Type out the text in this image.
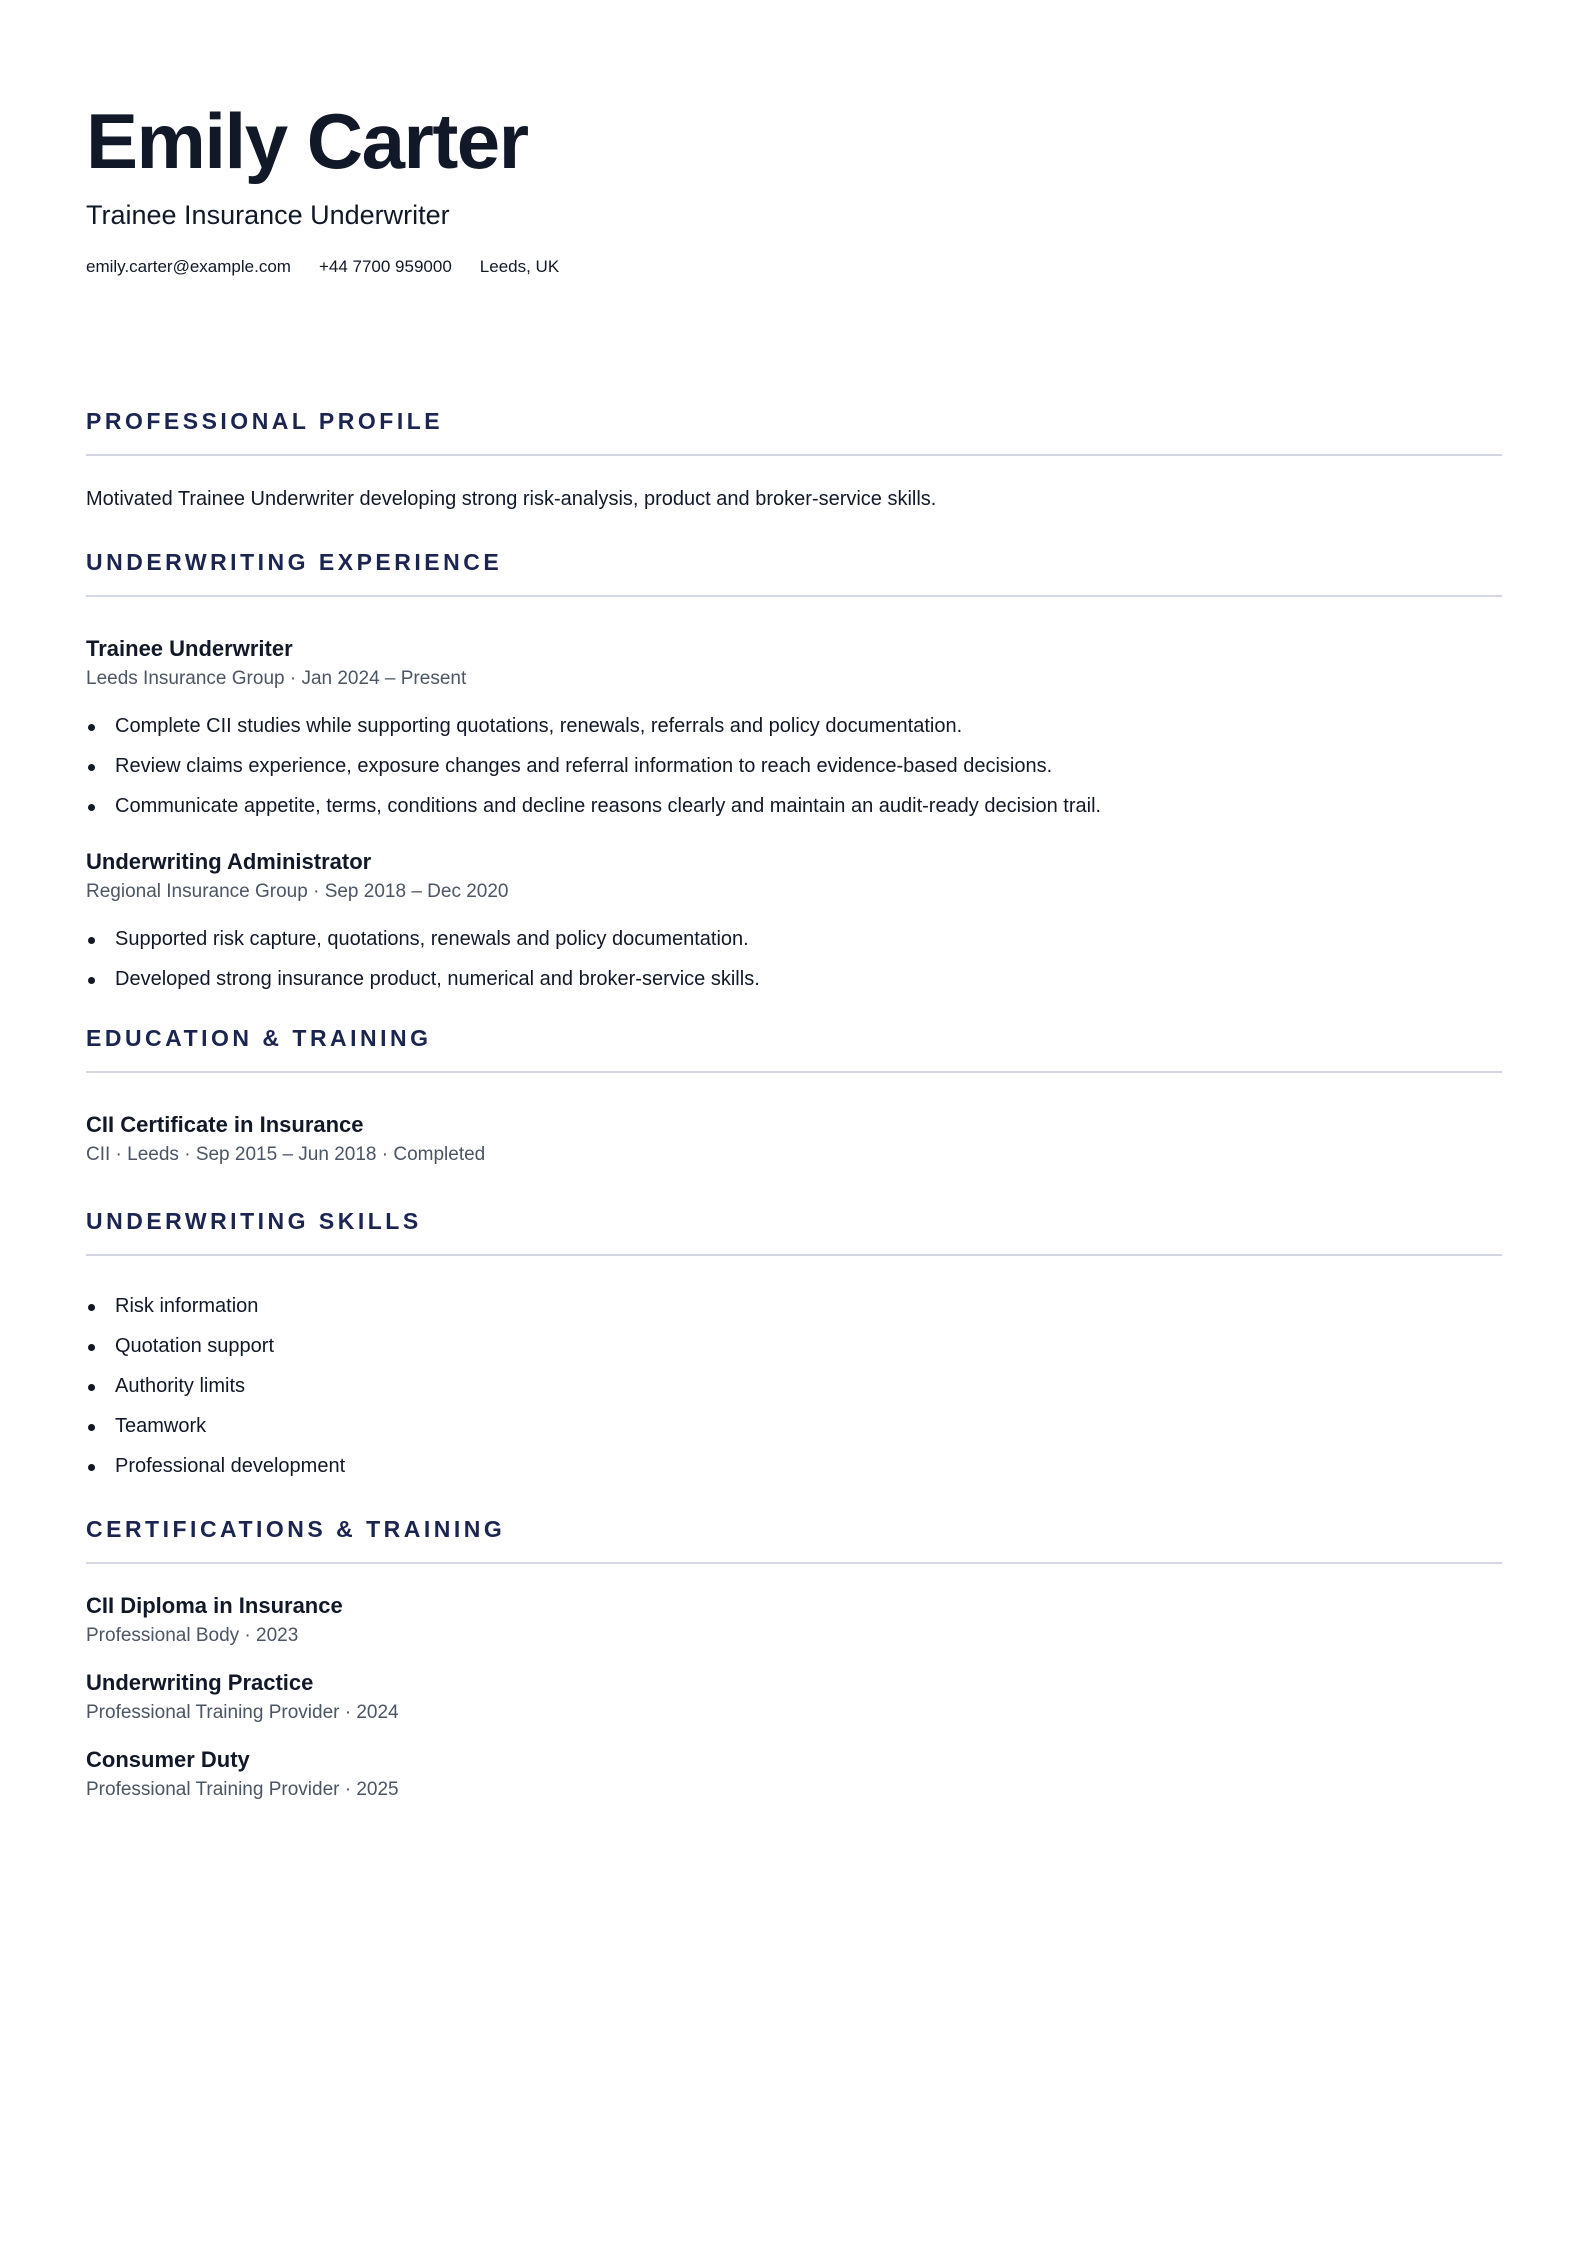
Emily Carter
Trainee Insurance Underwriter
emily.carter@example.com +44 7700 959000 Leeds, UK
PROFESSIONAL PROFILE
Motivated Trainee Underwriter developing strong risk-analysis, product and broker-service skills.
UNDERWRITING EXPERIENCE
Trainee Underwriter
Leeds Insurance Group · Jan 2024 – Present
Complete CII studies while supporting quotations, renewals, referrals and policy documentation.
Review claims experience, exposure changes and referral information to reach evidence-based decisions.
Communicate appetite, terms, conditions and decline reasons clearly and maintain an audit-ready decision trail.
Underwriting Administrator
Regional Insurance Group · Sep 2018 – Dec 2020
Supported risk capture, quotations, renewals and policy documentation.
Developed strong insurance product, numerical and broker-service skills.
EDUCATION & TRAINING
CII Certificate in Insurance
CII · Leeds · Sep 2015 – Jun 2018 · Completed
UNDERWRITING SKILLS
Risk information
Quotation support
Authority limits
Teamwork
Professional development
CERTIFICATIONS & TRAINING
CII Diploma in Insurance
Professional Body · 2023
Underwriting Practice
Professional Training Provider · 2024
Consumer Duty
Professional Training Provider · 2025
